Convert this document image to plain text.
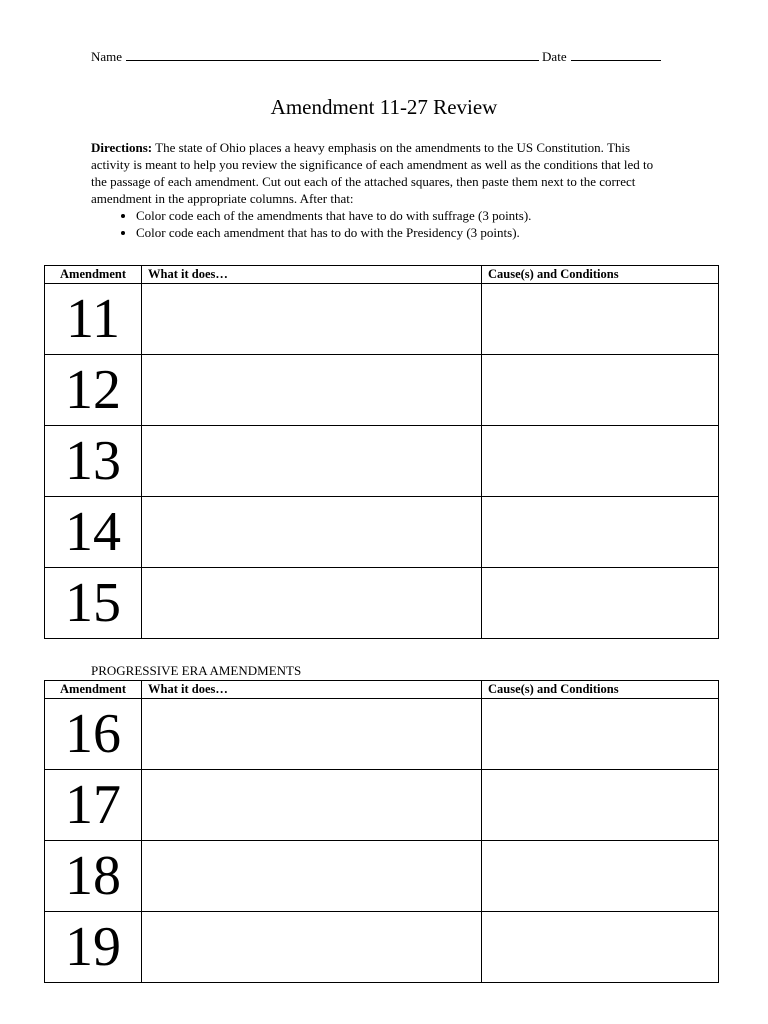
Name	Date
Amendment 11-27 Review
Directions: The state of Ohio places a heavy emphasis on the amendments to the US Constitution. This activity is meant to help you review the significance of each amendment as well as the conditions that led to the passage of each amendment. Cut out each of the attached squares, then paste them next to the correct amendment in the appropriate columns. After that:
• Color code each of the amendments that have to do with suffrage (3 points).
• Color code each amendment that has to do with the Presidency (3 points).
Amendment	What it does…	Cause(s) and Conditions
11		
12		
13		
14		
15		
PROGRESSIVE ERA AMENDMENTS
Amendment	What it does…	Cause(s) and Conditions
16		
17		
18		
19		
